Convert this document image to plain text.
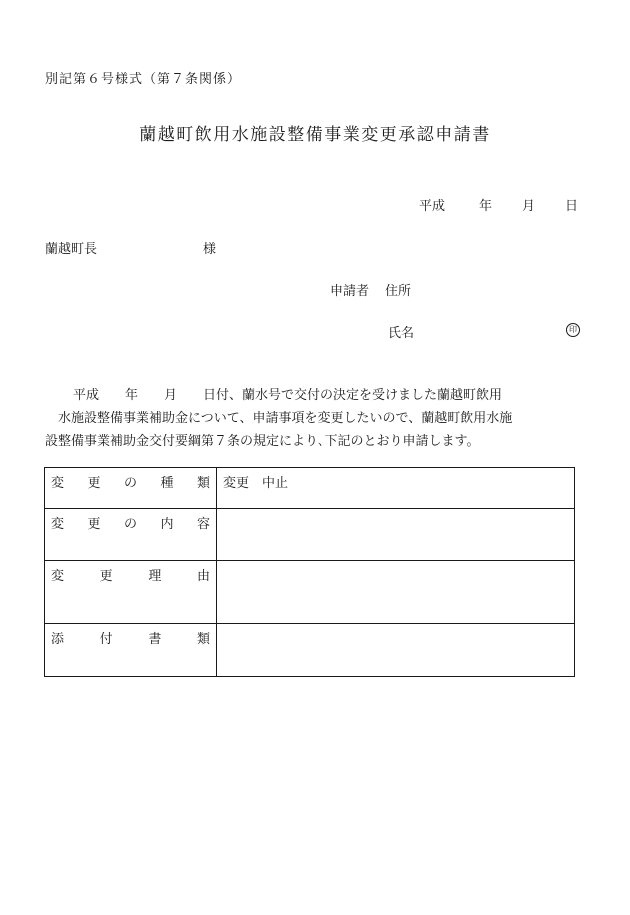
別記第６号様式（第７条関係）
蘭越町飲用水施設整備事業変更承認申請書
平成	年 月 日
蘭越町長	様
申請者 住所
氏名	印
平成　　年　　月　　日付、蘭水号で交付の決定を受けました蘭越町飲用
水施設整備事業補助金について、申請事項を変更したいので、蘭越町飲用水施
設整備事業補助金交付要綱第７条の規定により､下記のとおり申請します。
変　更　の　種　類	変更　中止

変　更　の　内　容	

変　更　理　由	

添　付　書　類	
